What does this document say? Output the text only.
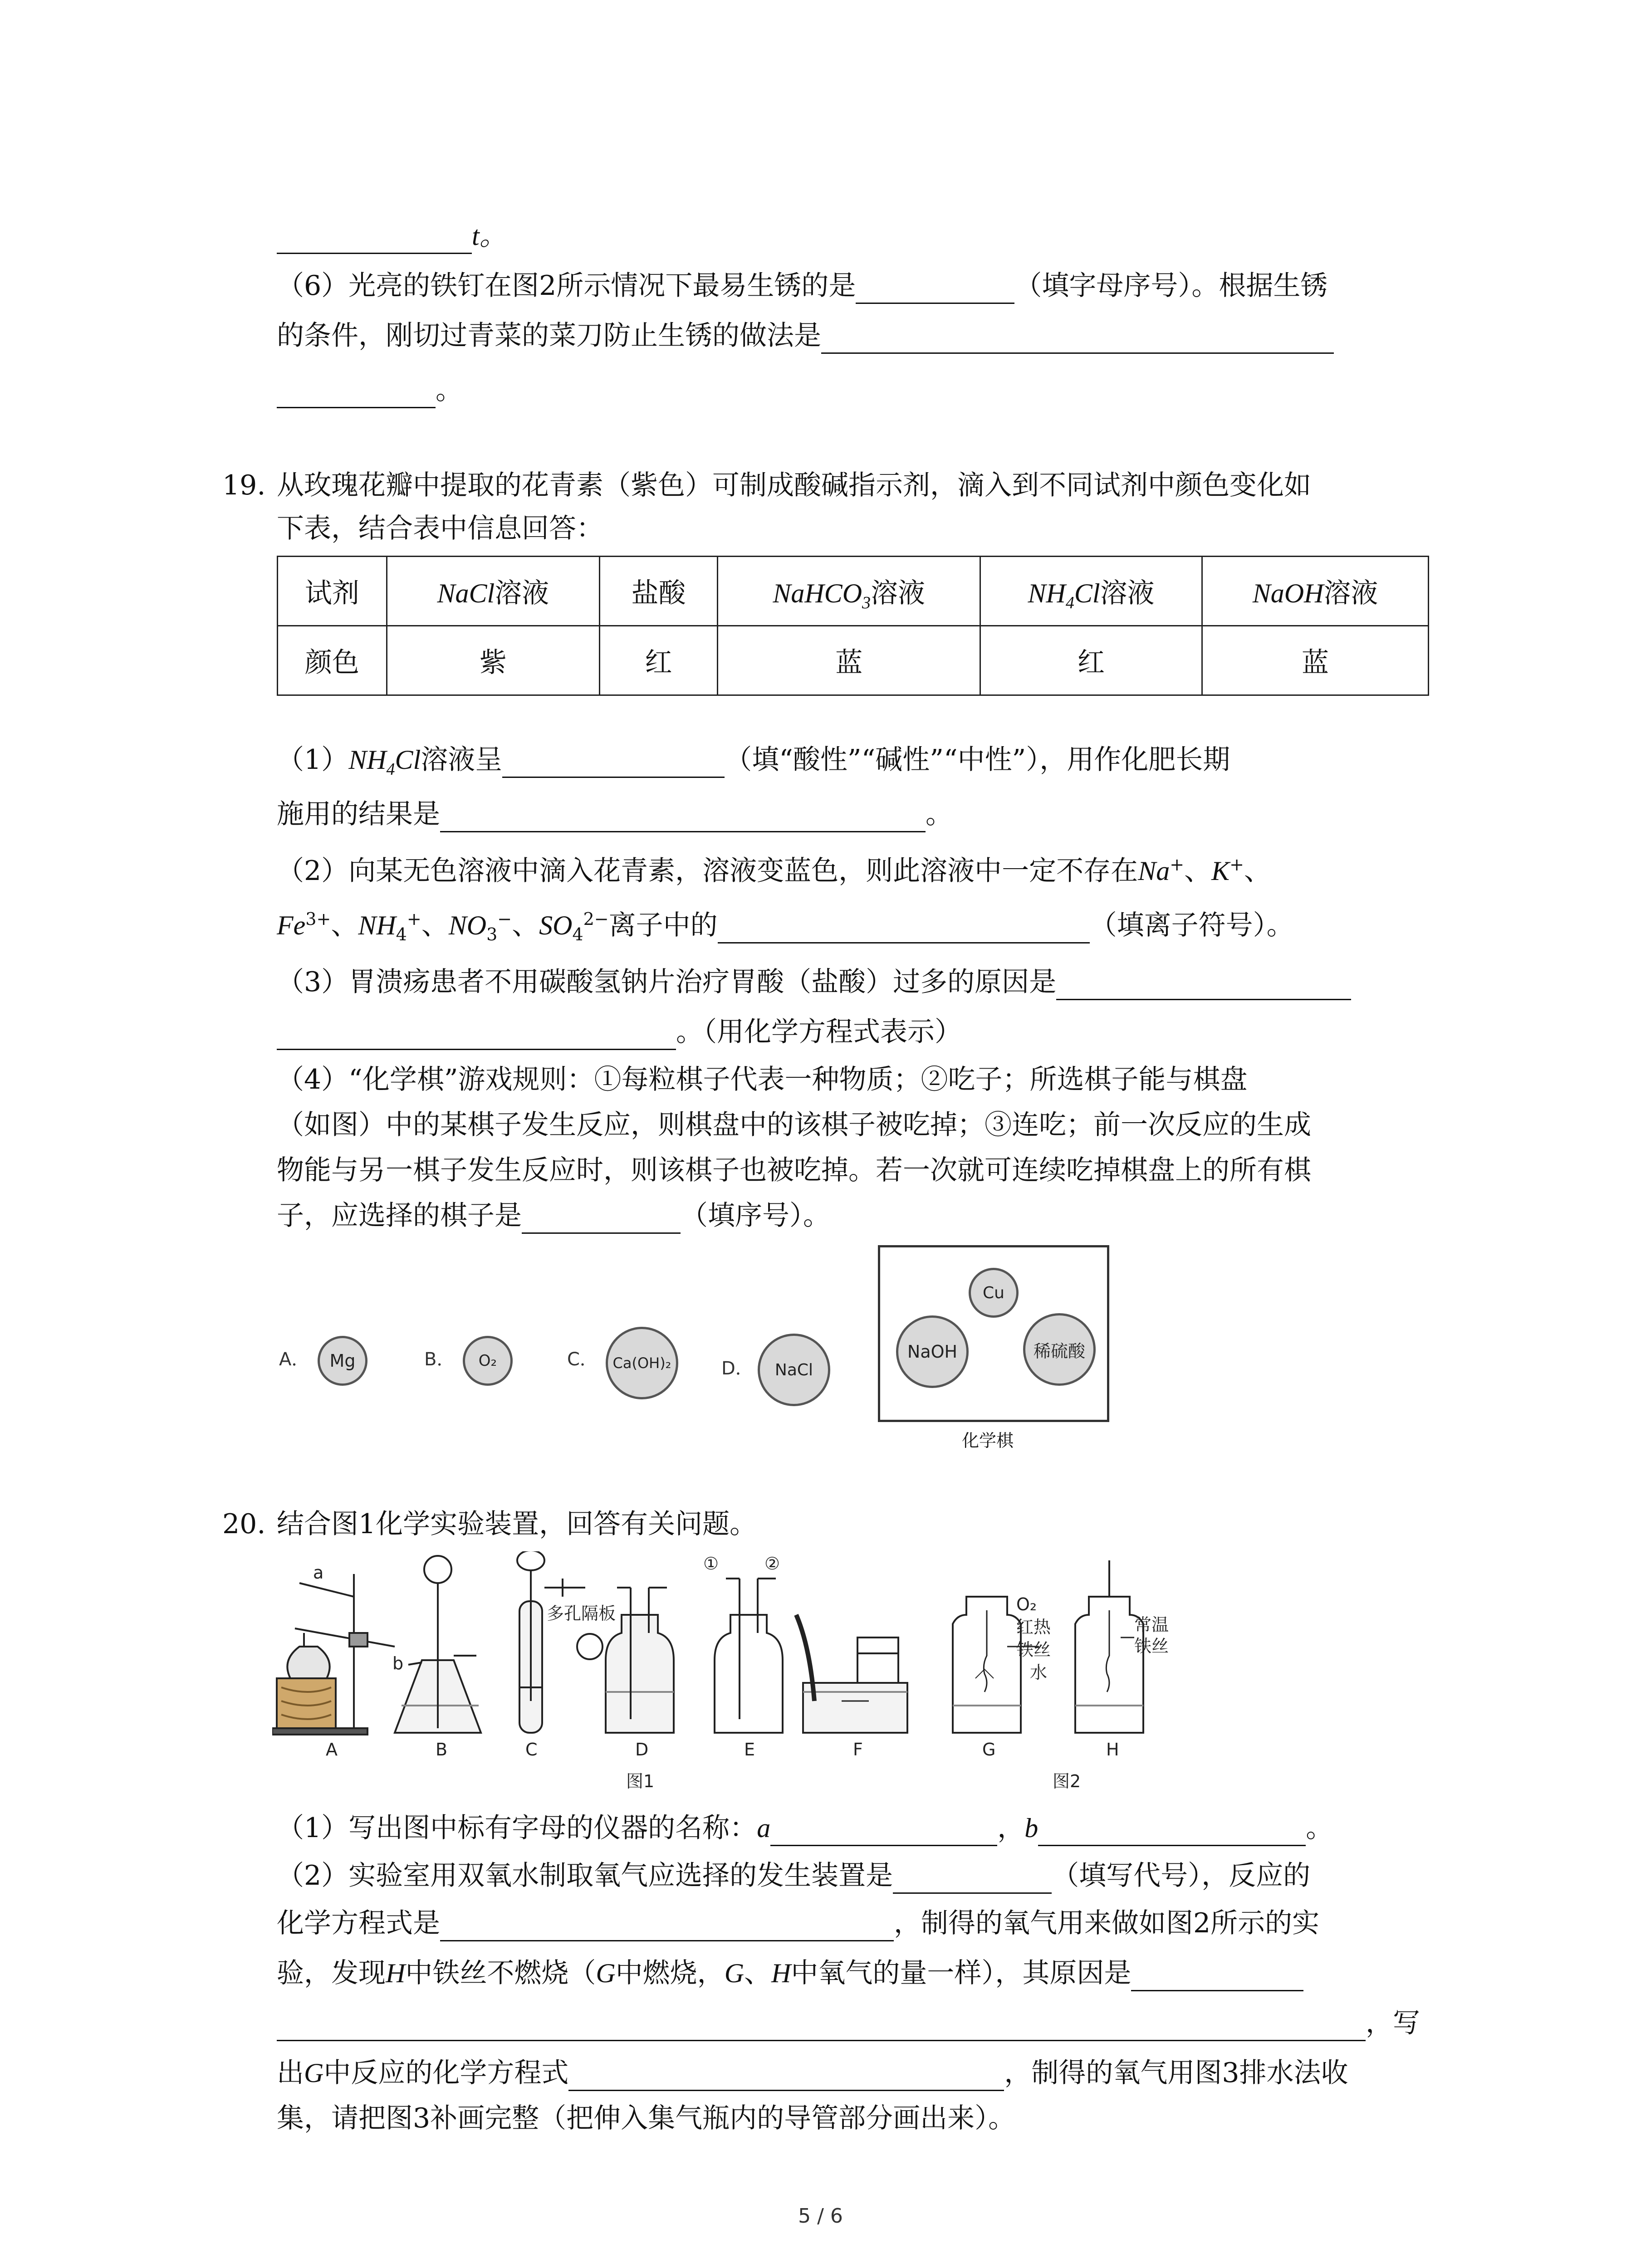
t。
（6）光亮的铁钉在图2所示情况下最易生锈的是	（填字母序号）。根据生锈
的条件，刚切过青菜的菜刀防止生锈的做法是
。
19. 从玫瑰花瓣中提取的花青素（紫色）可制成酸碱指示剂，滴入到不同试剂中颜色变化如
下表，结合表中信息回答：
试剂	NaCl溶液	盐酸	NaHCO$_3$溶液	$NH_4Cl$溶液	NaOH溶液
颜色	紫	红	蓝	红	蓝
$(1)NH_4Cl$溶液呈	（填“酸性”“碱性”“中性”），用作化肥长期
施用的结果是	。
（2）向某无色溶液中滴入花青素，溶液变蓝色，则此溶液中一定不存在Na+、K+、
$Fe^{3+}$、$NH_4^+$、$NO_3^-$、$SO_4^{2-}$离子中的	（填离子符号）。
（3）胃溃疡患者不用碳酸氢钠片治疗胃酸（盐酸）过多的原因是
。（用化学方程式表示）
（4）“化学棋”游戏规则：①每粒棋子代表一种物质；②吃子；所选棋子能与棋盘
（如图）中的某棋子发生反应，则棋盘中的该棋子被吃掉；③连吃；前一次反应的生成
物能与另一棋子发生反应时，则该棋子也被吃掉。若一次就可连续吃掉棋盘上的所有棋
子，应选择的棋子是	（填序号）。
A． Mg	B． O₂	C． Ca(OH)₂	D． NaCl
Cu
NaOH	稀硫酸
化学棋
20. 结合图1化学实验装置，回答有关问题。
a
b
多孔隔板
①	②
O₂
红热
铁丝
水
常温
铁丝
A	B	C	D	E	F	G	H
图1	图2
（1）写出图中标有字母的仪器的名称：a	，b	。
（2）实验室用双氧水制取氧气应选择的发生装置是	（填写代号），反应的
化学方程式是	，制得的氧气用来做如图2所示的实
验，发现H中铁丝不燃烧（G中燃烧，G、H中氧气的量一样），其原因是
，写
出G中反应的化学方程式	，制得的氧气用图3排水法收
集，请把图3补画完整（把伸入集气瓶内的导管部分画出来）。
5 / 6
